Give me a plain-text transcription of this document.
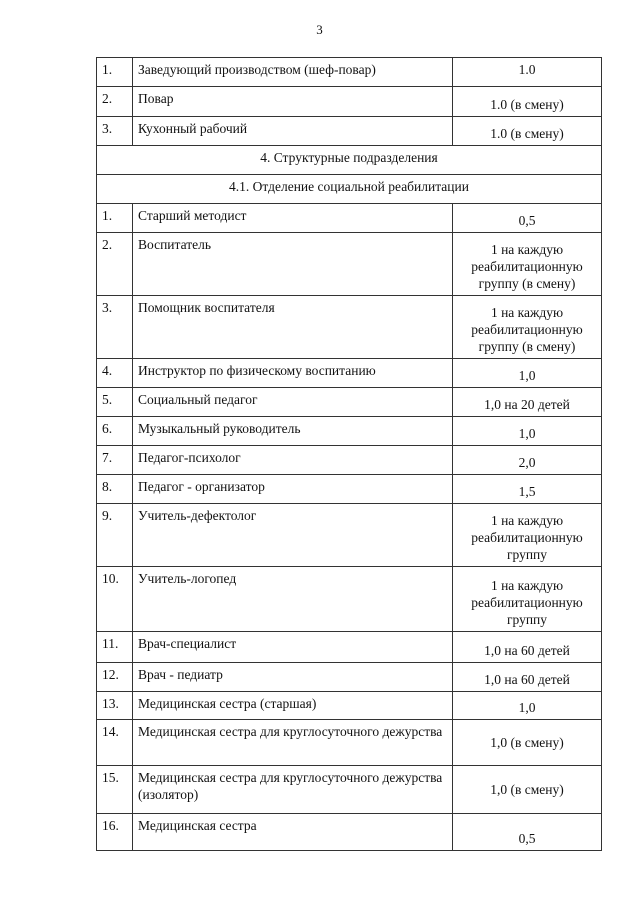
3
1.	Заведующий производством (шеф-повар)	1.0
2.	Повар	1.0 (в смену)
3.	Кухонный рабочий	1.0 (в смену)
4. Структурные подразделения		
4.1. Отделение социальной реабилитации		
1.	Старший методист	0,5
2.	Воспитатель	1 на каждую реабилитационную группу (в смену)
3.	Помощник воспитателя	1 на каждую реабилитационную группу (в смену)
4.	Инструктор по физическому воспитанию	1,0
5.	Социальный педагог	1,0 на 20 детей
6.	Музыкальный руководитель	1,0
7.	Педагог-психолог	2,0
8.	Педагог - организатор	1,5
9.	Учитель-дефектолог	1 на каждую реабилитационную группу
10.	Учитель-логопед	1 на каждую реабилитационную группу
11.	Врач-специалист	1,0 на 60 детей
12.	Врач - педиатр	1,0 на 60 детей
13.	Медицинская сестра (старшая)	1,0
14.	Медицинская сестра для круглосуточного дежурства	1,0 (в смену)
15.	Медицинская сестра для круглосуточного дежурства (изолятор)	1,0 (в смену)
16.	Медицинская сестра	0,5
